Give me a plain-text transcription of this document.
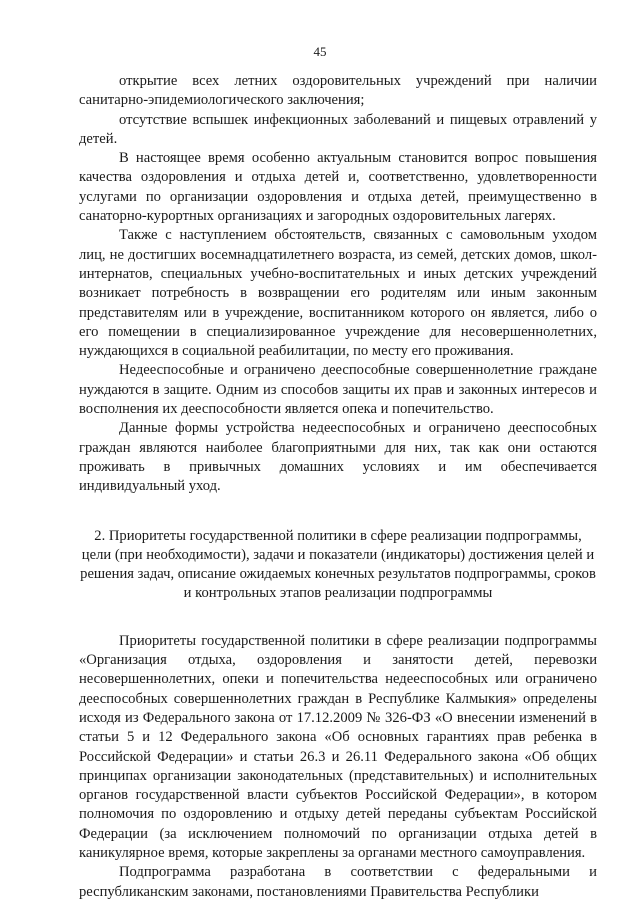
45

открытие всех летних оздоровительных учреждений при наличии санитарно-эпидемиологического заключения;

отсутствие вспышек инфекционных заболеваний и пищевых отравлений у детей.

В настоящее время особенно актуальным становится вопрос повышения качества оздоровления и отдыха детей и, соответственно, удовлетворенности услугами по организации оздоровления и отдыха детей, преимущественно в санаторно-курортных организациях и загородных оздоровительных лагерях.

Также с наступлением обстоятельств, связанных с самовольным уходом лиц, не достигших восемнадцатилетнего возраста, из семей, детских домов, школ-интернатов, специальных учебно-воспитательных и иных детских учреждений возникает потребность в возвращении его родителям или иным законным представителям или в учреждение, воспитанником которого он является, либо о его помещении в специализированное учреждение для несовершеннолетних, нуждающихся в социальной реабилитации, по месту его проживания.

Недееспособные и ограничено дееспособные совершеннолетние граждане нуждаются в защите. Одним из способов защиты их прав и законных интересов и восполнения их дееспособности является опека и попечительство.

Данные формы устройства недееспособных и ограничено дееспособных граждан являются наиболее благоприятными для них, так как они остаются проживать в привычных домашних условиях и им обеспечивается индивидуальный уход.

2. Приоритеты государственной политики в сфере реализации подпрограммы, цели (при необходимости), задачи и показатели (индикаторы) достижения целей и решения задач, описание ожидаемых конечных результатов подпрограммы, сроков и контрольных этапов реализации подпрограммы

Приоритеты государственной политики в сфере реализации подпрограммы «Организация отдыха, оздоровления и занятости детей, перевозки несовершеннолетних, опеки и попечительства недееспособных или ограничено дееспособных совершеннолетних граждан в Республике Калмыкия» определены исходя из Федерального закона от 17.12.2009 № 326-ФЗ «О внесении изменений в статьи 5 и 12 Федерального закона «Об основных гарантиях прав ребенка в Российской Федерации» и статьи 26.3 и 26.11 Федерального закона «Об общих принципах организации законодательных (представительных) и исполнительных органов государственной власти субъектов Российской Федерации», в котором полномочия по оздоровлению и отдыху детей переданы субъектам Российской Федерации (за исключением полномочий по организации отдыха детей в каникулярное время, которые закреплены за органами местного самоуправления.

Подпрограмма разработана в соответствии с федеральными и республиканским законами, постановлениями Правительства Республики
